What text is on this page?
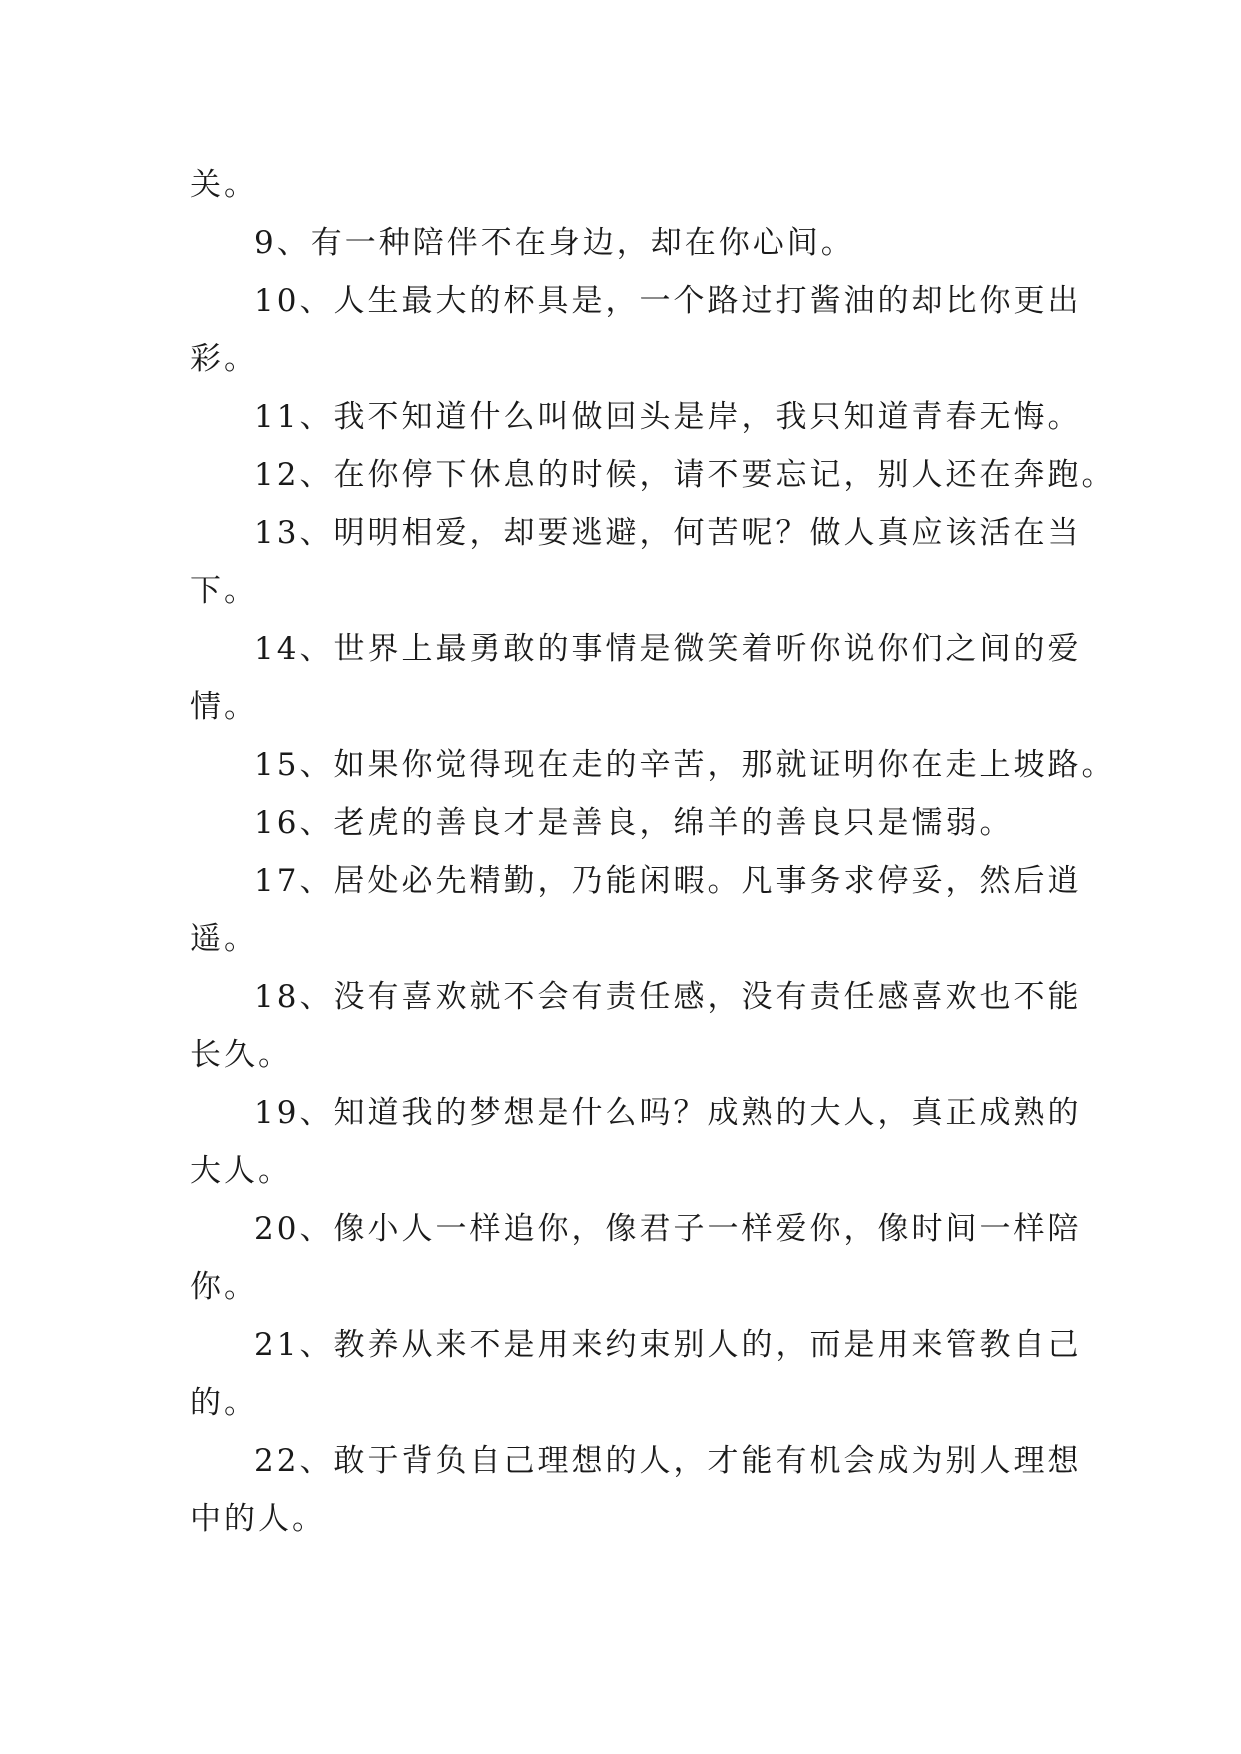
关。
9、有一种陪伴不在身边，却在你心间。
10、人生最大的杯具是，一个路过打酱油的却比你更出
彩。
11、我不知道什么叫做回头是岸，我只知道青春无悔。
12、在你停下休息的时候，请不要忘记，别人还在奔跑。
13、明明相爱，却要逃避，何苦呢？做人真应该活在当
下。
14、世界上最勇敢的事情是微笑着听你说你们之间的爱
情。
15、如果你觉得现在走的辛苦，那就证明你在走上坡路。
16、老虎的善良才是善良，绵羊的善良只是懦弱。
17、居处必先精勤，乃能闲暇。凡事务求停妥，然后逍
遥。
18、没有喜欢就不会有责任感，没有责任感喜欢也不能
长久。
19、知道我的梦想是什么吗？成熟的大人，真正成熟的
大人。
20、像小人一样追你，像君子一样爱你，像时间一样陪
你。
21、教养从来不是用来约束别人的，而是用来管教自己
的。
22、敢于背负自己理想的人，才能有机会成为别人理想
中的人。
